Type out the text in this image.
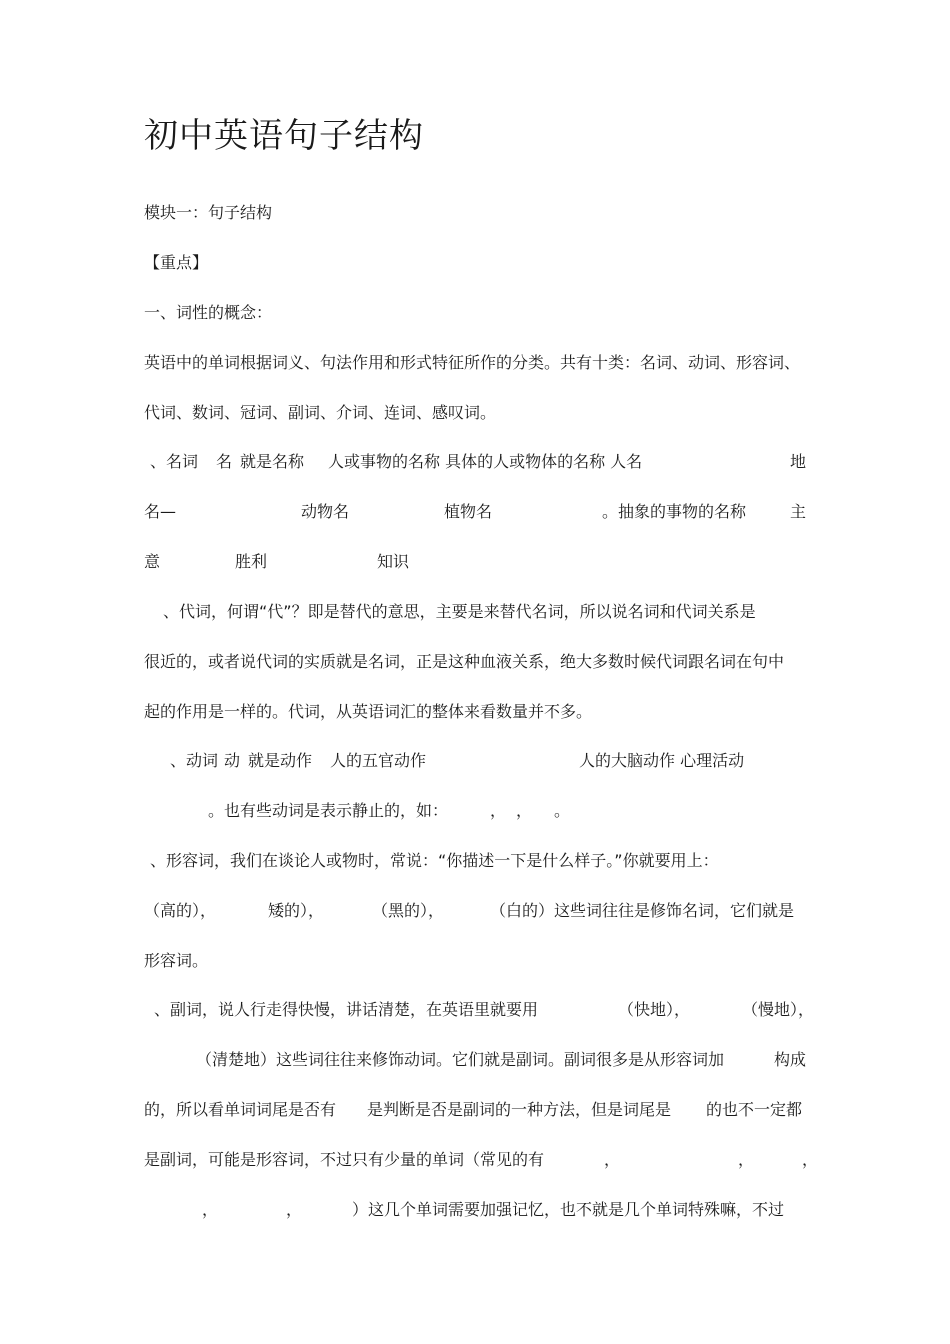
初中英语句子结构
模块一：句子结构
【重点】
一、词性的概念：
英语中的单词根据词义、句法作用和形式特征所作的分类。共有十类：名词、动词、形容词、
代词、数词、冠词、副词、介词、连词、感叹词。
、名词 名 就是名称 人或事物的名称 具体的人或物体的名称 人名	地
名—	动物名	植物名	。抽象的事物的名称	主
意	胜利	知识
、代词，何谓“代”？即是替代的意思，主要是来替代名词，所以说名词和代词关系是
很近的，或者说代词的实质就是名词，正是这种血液关系，绝大多数时候代词跟名词在句中
起的作用是一样的。代词，从英语词汇的整体来看数量并不多。
、动词 动 就是动作 人的五官动作	人的大脑动作 心理活动
。也有些动词是表示静止的，如：	， ， 。
、形容词，我们在谈论人或物时，常说：“你描述一下是什么样子。”你就要用上：
（高的），	矮的），	（黑的），	（白的）这些词往往是修饰名词，它们就是
形容词。
、副词，说人行走得快慢，讲话清楚，在英语里就要用	（快地），	（慢地），
（清楚地）这些词往往来修饰动词。它们就是副词。副词很多是从形容词加	构成
的，所以看单词词尾是否有 是判断是否是副词的一种方法，但是词尾是 的也不一定都
是副词，可能是形容词，不过只有少量的单词（常见的有	，	，	，
，	，	）这几个单词需要加强记忆，也不就是几个单词特殊嘛，不过
